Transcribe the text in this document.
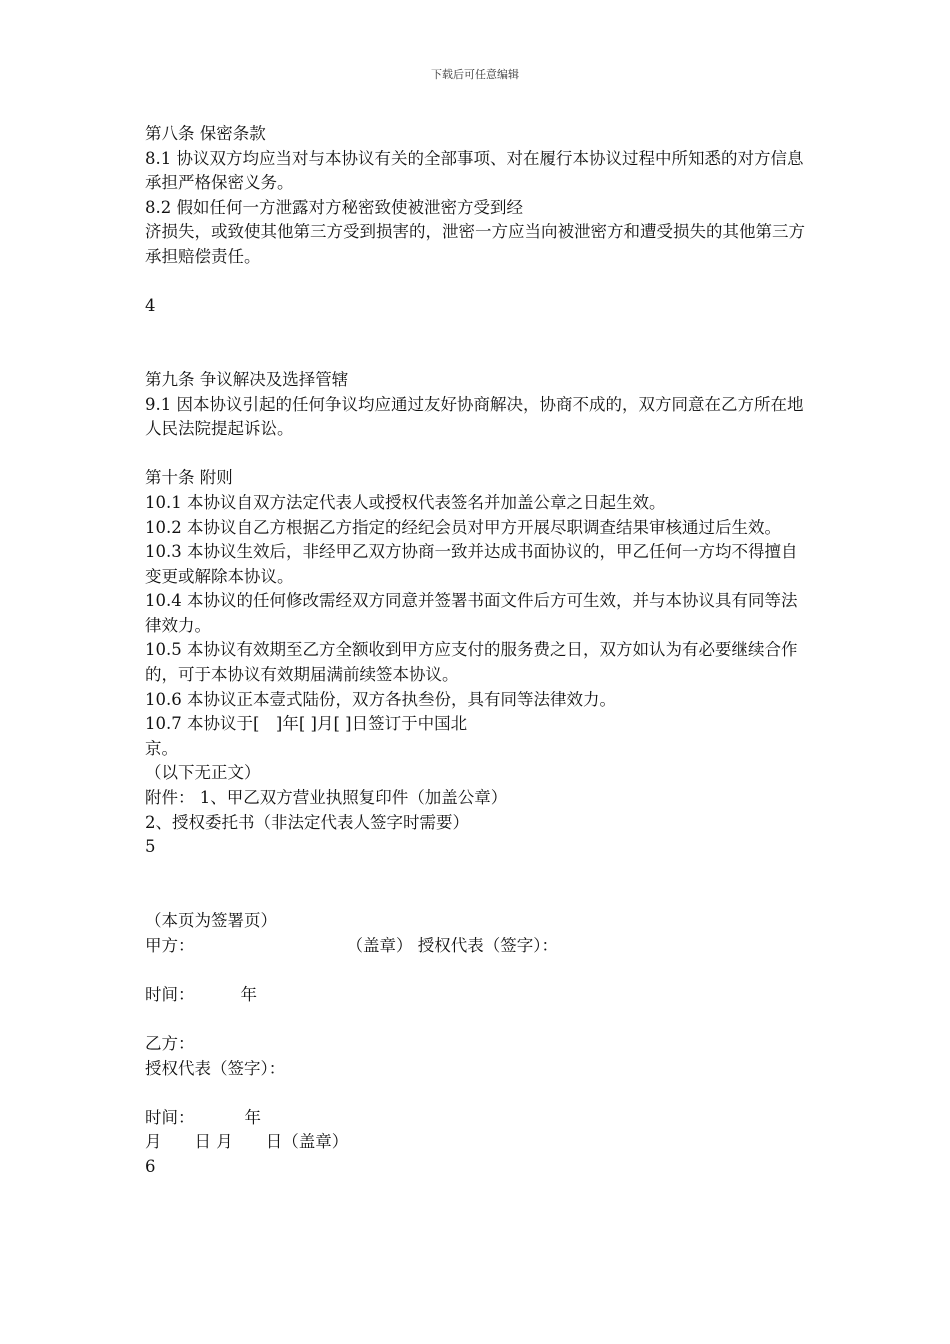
下载后可任意编辑
第八条 保密条款
8.1 协议双方均应当对与本协议有关的全部事项、对在履行本协议过程中所知悉的对方信息承担严格保密义务。
8.2 假如任何一方泄露对方秘密致使被泄密方受到经
济损失，或致使其他第三方受到损害的，泄密一方应当向被泄密方和遭受损失的其他第三方承担赔偿责任。
4
第九条 争议解决及选择管辖
9.1 因本协议引起的任何争议均应通过友好协商解决，协商不成的，双方同意在乙方所在地人民法院提起诉讼。
第十条 附则
10.1 本协议自双方法定代表人或授权代表签名并加盖公章之日起生效。
10.2 本协议自乙方根据乙方指定的经纪会员对甲方开展尽职调查结果审核通过后生效。
10.3 本协议生效后，非经甲乙双方协商一致并达成书面协议的，甲乙任何一方均不得擅自变更或解除本协议。
10.4 本协议的任何修改需经双方同意并签署书面文件后方可生效，并与本协议具有同等法律效力。
10.5 本协议有效期至乙方全额收到甲方应支付的服务费之日，双方如认为有必要继续合作的，可于本协议有效期届满前续签本协议。
10.6 本协议正本壹式陆份，双方各执叁份，具有同等法律效力。
10.7 本协议于[　]年[ ]月[ ]日签订于中国北
京。
（以下无正文）
附件： 1、甲乙双方营业执照复印件（加盖公章）
2、授权委托书（非法定代表人签字时需要）
5
（本页为签署页）
甲方：	（盖章） 授权代表（签字）：
时间：	年
乙方：
授权代表（签字）：
时间：	年
月　　日 月　　日（盖章）
6
